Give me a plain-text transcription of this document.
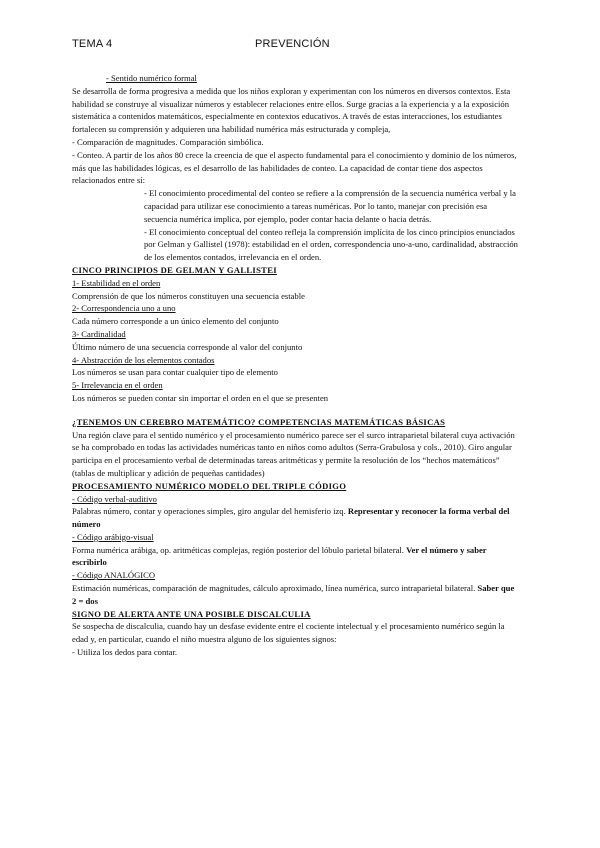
TEMA 4	PREVENCIÓN

- Sentido numérico formal

Se desarrolla de forma progresiva a medida que los niños exploran y experimentan con los números en diversos contextos. Esta habilidad se construye al visualizar números y establecer relaciones entre ellos. Surge gracias a la experiencia y a la exposición sistemática a contenidos matemáticos, especialmente en contextos educativos. A través de estas interacciones, los estudiantes fortalecen su comprensión y adquieren una habilidad numérica más estructurada y compleja,

- Comparación de magnitudes. Comparación simbólica.

- Conteo. A partir de los años 80 crece la creencia de que el aspecto fundamental para el conocimiento y dominio de los números, más que las habilidades lógicas, es el desarrollo de las habilidades de conteo. La capacidad de contar tiene dos aspectos relacionados entre sí:

- El conocimiento procedimental del conteo se refiere a la comprensión de la secuencia numérica verbal y la capacidad para utilizar ese conocimiento a tareas numéricas. Por lo tanto, manejar con precisión esa secuencia numérica implica, por ejemplo, poder contar hacia delante o hacia detrás.

- El conocimiento conceptual del conteo refleja la comprensión implícita de los cinco principios enunciados por Gelman y Gallistel (1978): estabilidad en el orden, correspondencia uno-a-uno, cardinalidad, abstracción de los elementos contados, irrelevancia en el orden.

CINCO PRINCIPIOS DE GELMAN Y GALLISTEI

1- Estabilidad en el orden

Comprensión de que los números constituyen una secuencia estable

2- Correspondencia uno a uno

Cada número corresponde a un único elemento del conjunto

3- Cardinalidad

Último número de una secuencia corresponde al valor del conjunto

4- Abstracción de los elementos contados

Los números se usan para contar cualquier tipo de elemento

5- Irrelevancia en el orden

Los números se pueden contar sin importar el orden en el que se presenten

¿TENEMOS UN CEREBRO MATEMÁTICO? COMPETENCIAS MATEMÁTICAS BÁSICAS

Una región clave para el sentido numérico y el procesamiento numérico parece ser el surco intraparietal bilateral cuya activación se ha comprobado en todas las actividades numéricas tanto en niños como adultos (Serra-Grabulosa y cols., 2010). Giro angular participa en el procesamiento verbal de determinadas tareas aritméticas y permite la resolución de los “hechos matemáticos” (tablas de multiplicar y adición de pequeñas cantidades)

PROCESAMIENTO NUMÉRICO MODELO DEL TRIPLE CÓDIGO

- Código verbal-auditivo

Palabras número, contar y operaciones simples, giro angular del hemisferio izq. Representar y reconocer la forma verbal del número

- Código arábigo-visual

Forma numérica arábiga, op. aritméticas complejas, región posterior del lóbulo parietal bilateral. Ver el número y saber escribirlo

- Código ANALÓGICO

Estimación numéricas, comparación de magnitudes, cálculo aproximado, línea numérica, surco intraparietal bilateral. Saber que 2 = dos

SIGNO DE ALERTA ANTE UNA POSIBLE DISCALCULIA

Se sospecha de discalculia, cuando hay un desfase evidente entre el cociente intelectual y el procesamiento numérico según la edad y, en particular, cuando el niño muestra alguno de los siguientes signos:

- Utiliza los dedos para contar.
